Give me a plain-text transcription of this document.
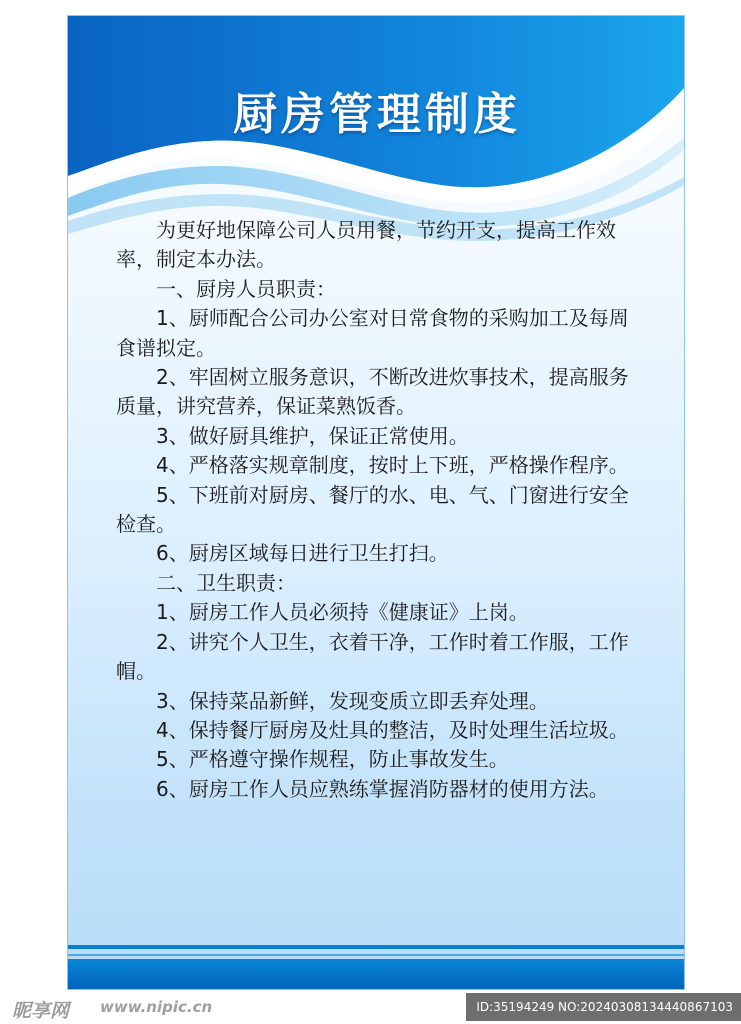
厨房管理制度

为更好地保障公司人员用餐，节约开支，提高工作效率，制定本办法。

一、厨房人员职责：

1、厨师配合公司办公室对日常食物的采购加工及每周食谱拟定。

2、牢固树立服务意识，不断改进炊事技术，提高服务质量，讲究营养，保证菜熟饭香。

3、做好厨具维护，保证正常使用。

4、严格落实规章制度，按时上下班，严格操作程序。

5、下班前对厨房、餐厅的水、电、气、门窗进行安全检查。

6、厨房区域每日进行卫生打扫。

二、卫生职责：

1、厨房工作人员必须持《健康证》上岗。

2、讲究个人卫生，衣着干净，工作时着工作服，工作帽。

3、保持菜品新鲜，发现变质立即丢弃处理。

4、保持餐厅厨房及灶具的整洁，及时处理生活垃圾。

5、严格遵守操作规程，防止事故发生。

6、厨房工作人员应熟练掌握消防器材的使用方法。

昵享网 www.nipic.cn	ID:35194249 NO:20240308134440867103
